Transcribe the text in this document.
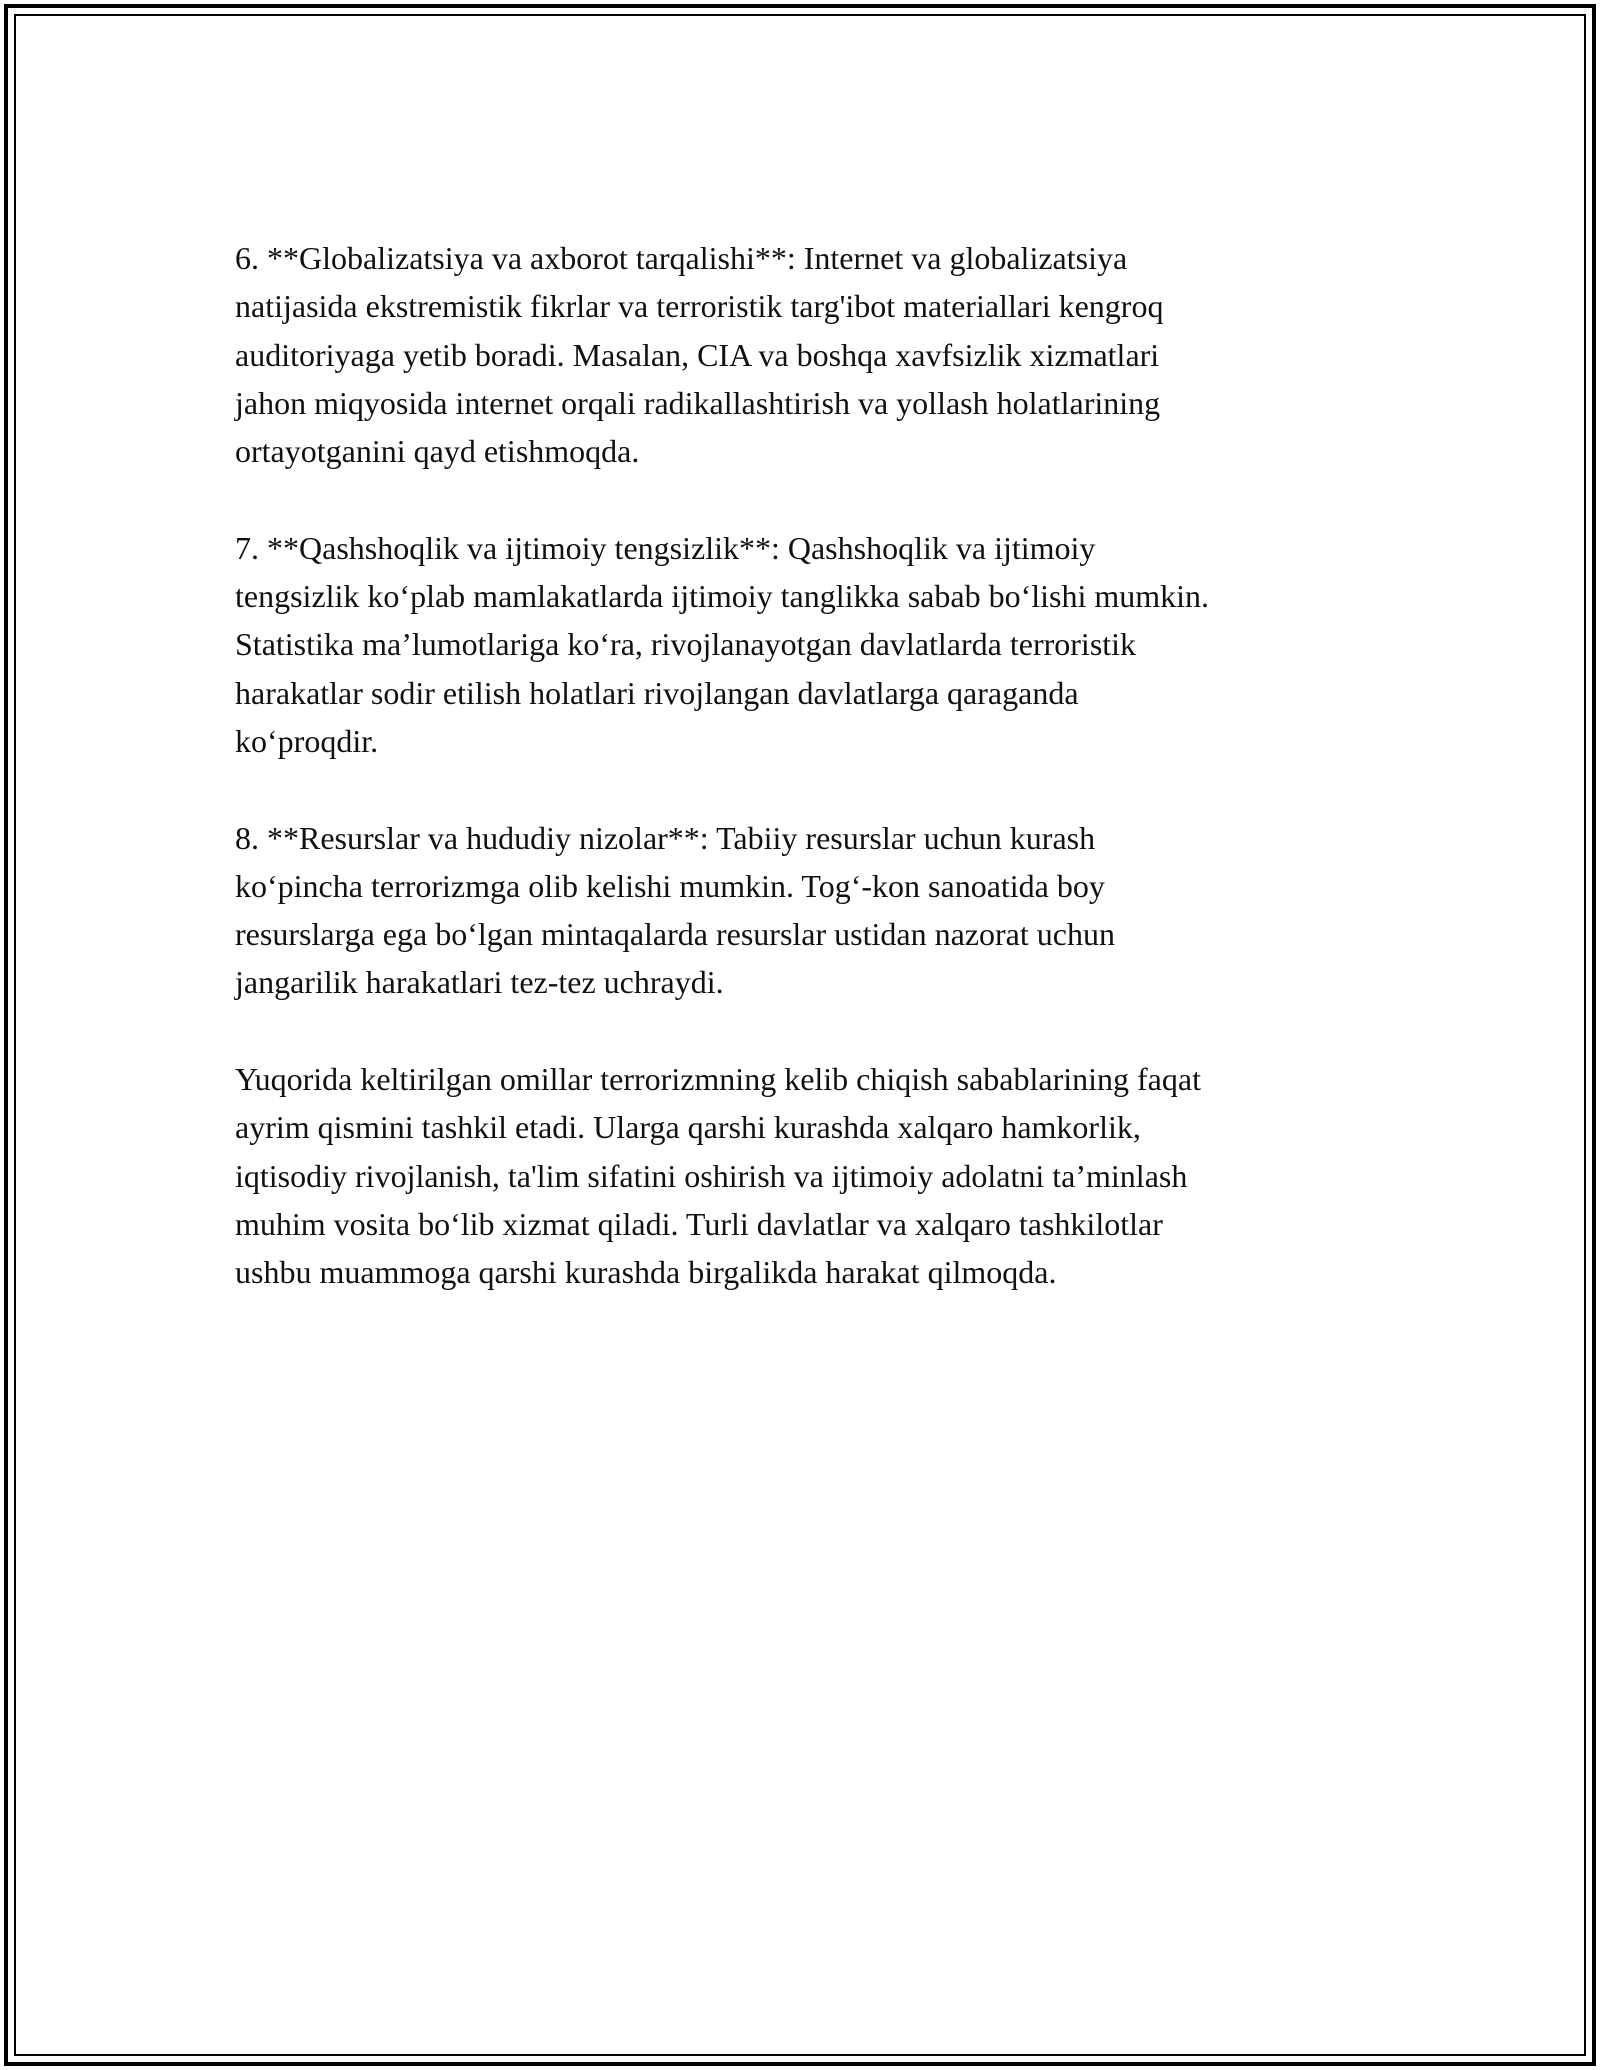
6. **Globalizatsiya va axborot tarqalishi**: Internet va globalizatsiya
natijasida ekstremistik fikrlar va terroristik targ'ibot materiallari kengroq
auditoriyaga yetib boradi. Masalan, CIA va boshqa xavfsizlik xizmatlari
jahon miqyosida internet orqali radikallashtirish va yollash holatlarining
ortayotganini qayd etishmoqda.

7. **Qashshoqlik va ijtimoiy tengsizlik**: Qashshoqlik va ijtimoiy
tengsizlik koʻplab mamlakatlarda ijtimoiy tanglikka sabab boʻlishi mumkin.
Statistika maʼlumotlariga koʻra, rivojlanayotgan davlatlarda terroristik
harakatlar sodir etilish holatlari rivojlangan davlatlarga qaraganda
koʻproqdir.

8. **Resurslar va hududiy nizolar**: Tabiiy resurslar uchun kurash
koʻpincha terrorizmga olib kelishi mumkin. Togʻ-kon sanoatida boy
resurslarga ega boʻlgan mintaqalarda resurslar ustidan nazorat uchun
jangarilik harakatlari tez-tez uchraydi.

Yuqorida keltirilgan omillar terrorizmning kelib chiqish sabablarining faqat
ayrim qismini tashkil etadi. Ularga qarshi kurashda xalqaro hamkorlik,
iqtisodiy rivojlanish, ta'lim sifatini oshirish va ijtimoiy adolatni taʼminlash
muhim vosita boʻlib xizmat qiladi. Turli davlatlar va xalqaro tashkilotlar
ushbu muammoga qarshi kurashda birgalikda harakat qilmoqda.
